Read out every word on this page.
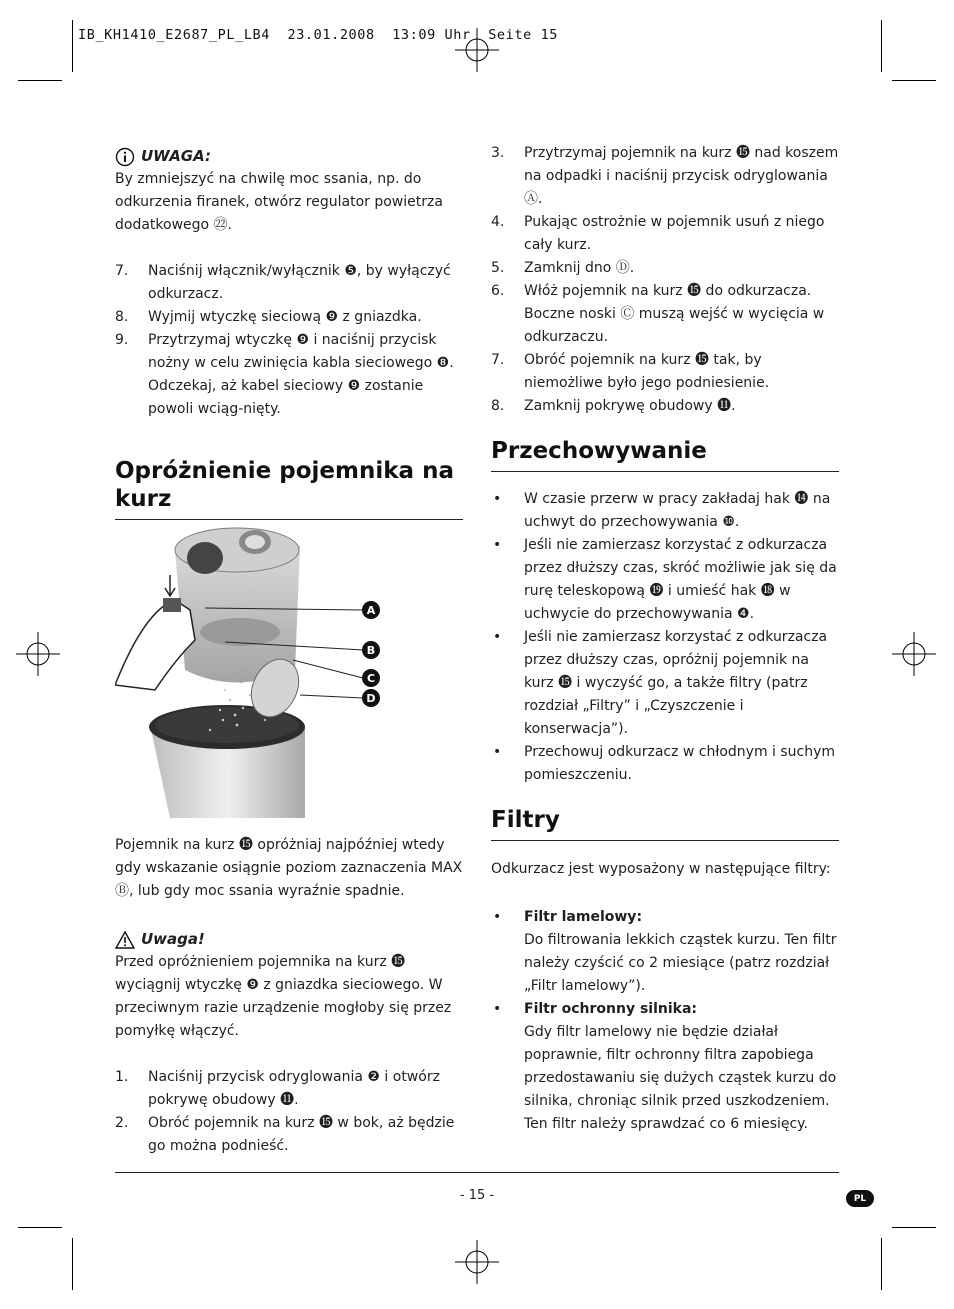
IB_KH1410_E2687_PL_LB4  23.01.2008  13:09 Uhr  Seite 15
UWAGA:

By zmniejszyć na chwilę moc ssania, np. do odkurzenia firanek, otwórz regulator powietrza dodatkowego ㉒.

7. Naciśnij włącznik/wyłącznik ❺, by wyłączyć odkurzacz.
8. Wyjmij wtyczkę sieciową ❾ z gniazdka.
9. Przytrzymaj wtyczkę ❾ i naciśnij przycisk nożny w celu zwinięcia kabla sieciowego ❽. Odczekaj, aż kabel sieciowy ❾ zostanie powoli wciąg-nięty.
Opróżnienie pojemnika na kurz
A
B
C
D

Pojemnik na kurz ⓯ opróżniaj najpóźniej wtedy gdy wskazanie osiągnie poziom zaznaczenia MAX Ⓑ, lub gdy moc ssania wyraźnie spadnie.

Uwaga!

Przed opróżnieniem pojemnika na kurz ⓯ wyciągnij wtyczkę ❾ z gniazdka sieciowego. W przeciwnym razie urządzenie mogłoby się przez pomyłkę włączyć.

1. Naciśnij przycisk odryglowania ❷ i otwórz pokrywę obudowy ⓫.
2. Obróć pojemnik na kurz ⓯ w bok, aż będzie go można podnieść.
3. Przytrzymaj pojemnik na kurz ⓯ nad koszem na odpadki i naciśnij przycisk odryglowania Ⓐ.
4. Pukając ostrożnie w pojemnik usuń z niego cały kurz.
5. Zamknij dno Ⓓ.
6. Włóż pojemnik na kurz ⓯ do odkurzacza. Boczne noski Ⓒ muszą wejść w wycięcia w odkurzaczu.
7. Obróć pojemnik na kurz ⓯ tak, by niemożliwe było jego podniesienie.
8. Zamknij pokrywę obudowy ⓫.
Przechowywanie
• W czasie przerw w pracy zakładaj hak ⓮ na uchwyt do przechowywania ❿.
• Jeśli nie zamierzasz korzystać z odkurzacza przez dłuższy czas, skróć możliwie jak się da rurę teleskopową ⓳ i umieść hak ⓲ w uchwycie do przechowywania ❹.
• Jeśli nie zamierzasz korzystać z odkurzacza przez dłuższy czas, opróżnij pojemnik na kurz ⓯ i wyczyść go, a także filtry (patrz rozdział „Filtry” i „Czyszczenie i konserwacja”).
• Przechowuj odkurzacz w chłodnym i suchym pomieszczeniu.
Filtry

Odkurzacz jest wyposażony w następujące filtry:

• Filtr lamelowy:
Do filtrowania lekkich cząstek kurzu. Ten filtr należy czyścić co 2 miesiące (patrz rozdział „Filtr lamelowy”).
• Filtr ochronny silnika:
Gdy filtr lamelowy nie będzie działał poprawnie, filtr ochronny filtra zapobiega przedostawaniu się dużych cząstek kurzu do silnika, chroniąc silnik przed uszkodzeniem. Ten filtr należy sprawdzać co 6 miesięcy.
- 15 -	PL
